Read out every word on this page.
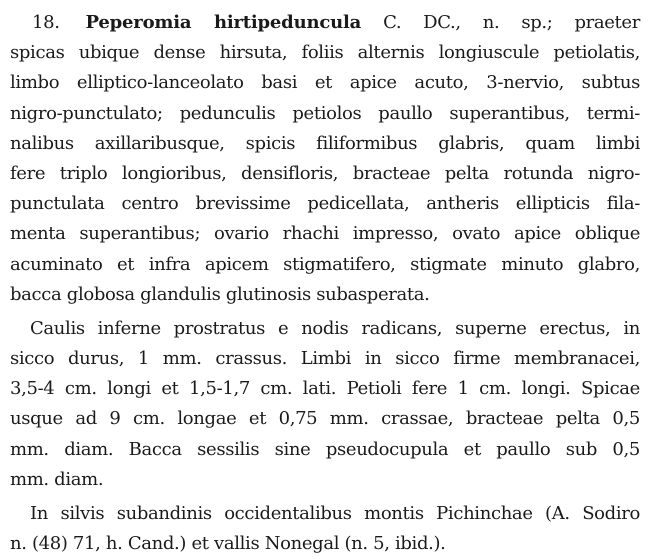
18. Peperomia hirtipeduncula C. DC., n. sp.; praeter
spicas ubique dense hirsuta, foliis alternis longiuscule petiolatis,
limbo elliptico-lanceolato basi et apice acuto, 3-nervio, subtus
nigro-punctulato; pedunculis petiolos paullo superantibus, termi-
nalibus axillaribusque, spicis filiformibus glabris, quam limbi
fere triplo longioribus, densifloris, bracteae pelta rotunda nigro-
punctulata centro brevissime pedicellata, antheris ellipticis fila-
menta superantibus; ovario rhachi impresso, ovato apice oblique
acuminato et infra apicem stigmatifero, stigmate minuto glabro,
bacca globosa glandulis glutinosis subasperata.
Caulis inferne prostratus e nodis radicans, superne erectus, in
sicco durus, 1 mm. crassus. Limbi in sicco firme membranacei,
3,5-4 cm. longi et 1,5-1,7 cm. lati. Petioli fere 1 cm. longi. Spicae
usque ad 9 cm. longae et 0,75 mm. crassae, bracteae pelta 0,5
mm. diam. Bacca sessilis sine pseudocupula et paullo sub 0,5
mm. diam.
In silvis subandinis occidentalibus montis Pichinchae (A. Sodiro
n. (48) 71, h. Cand.) et vallis Nonegal (n. 5, ibid.).
